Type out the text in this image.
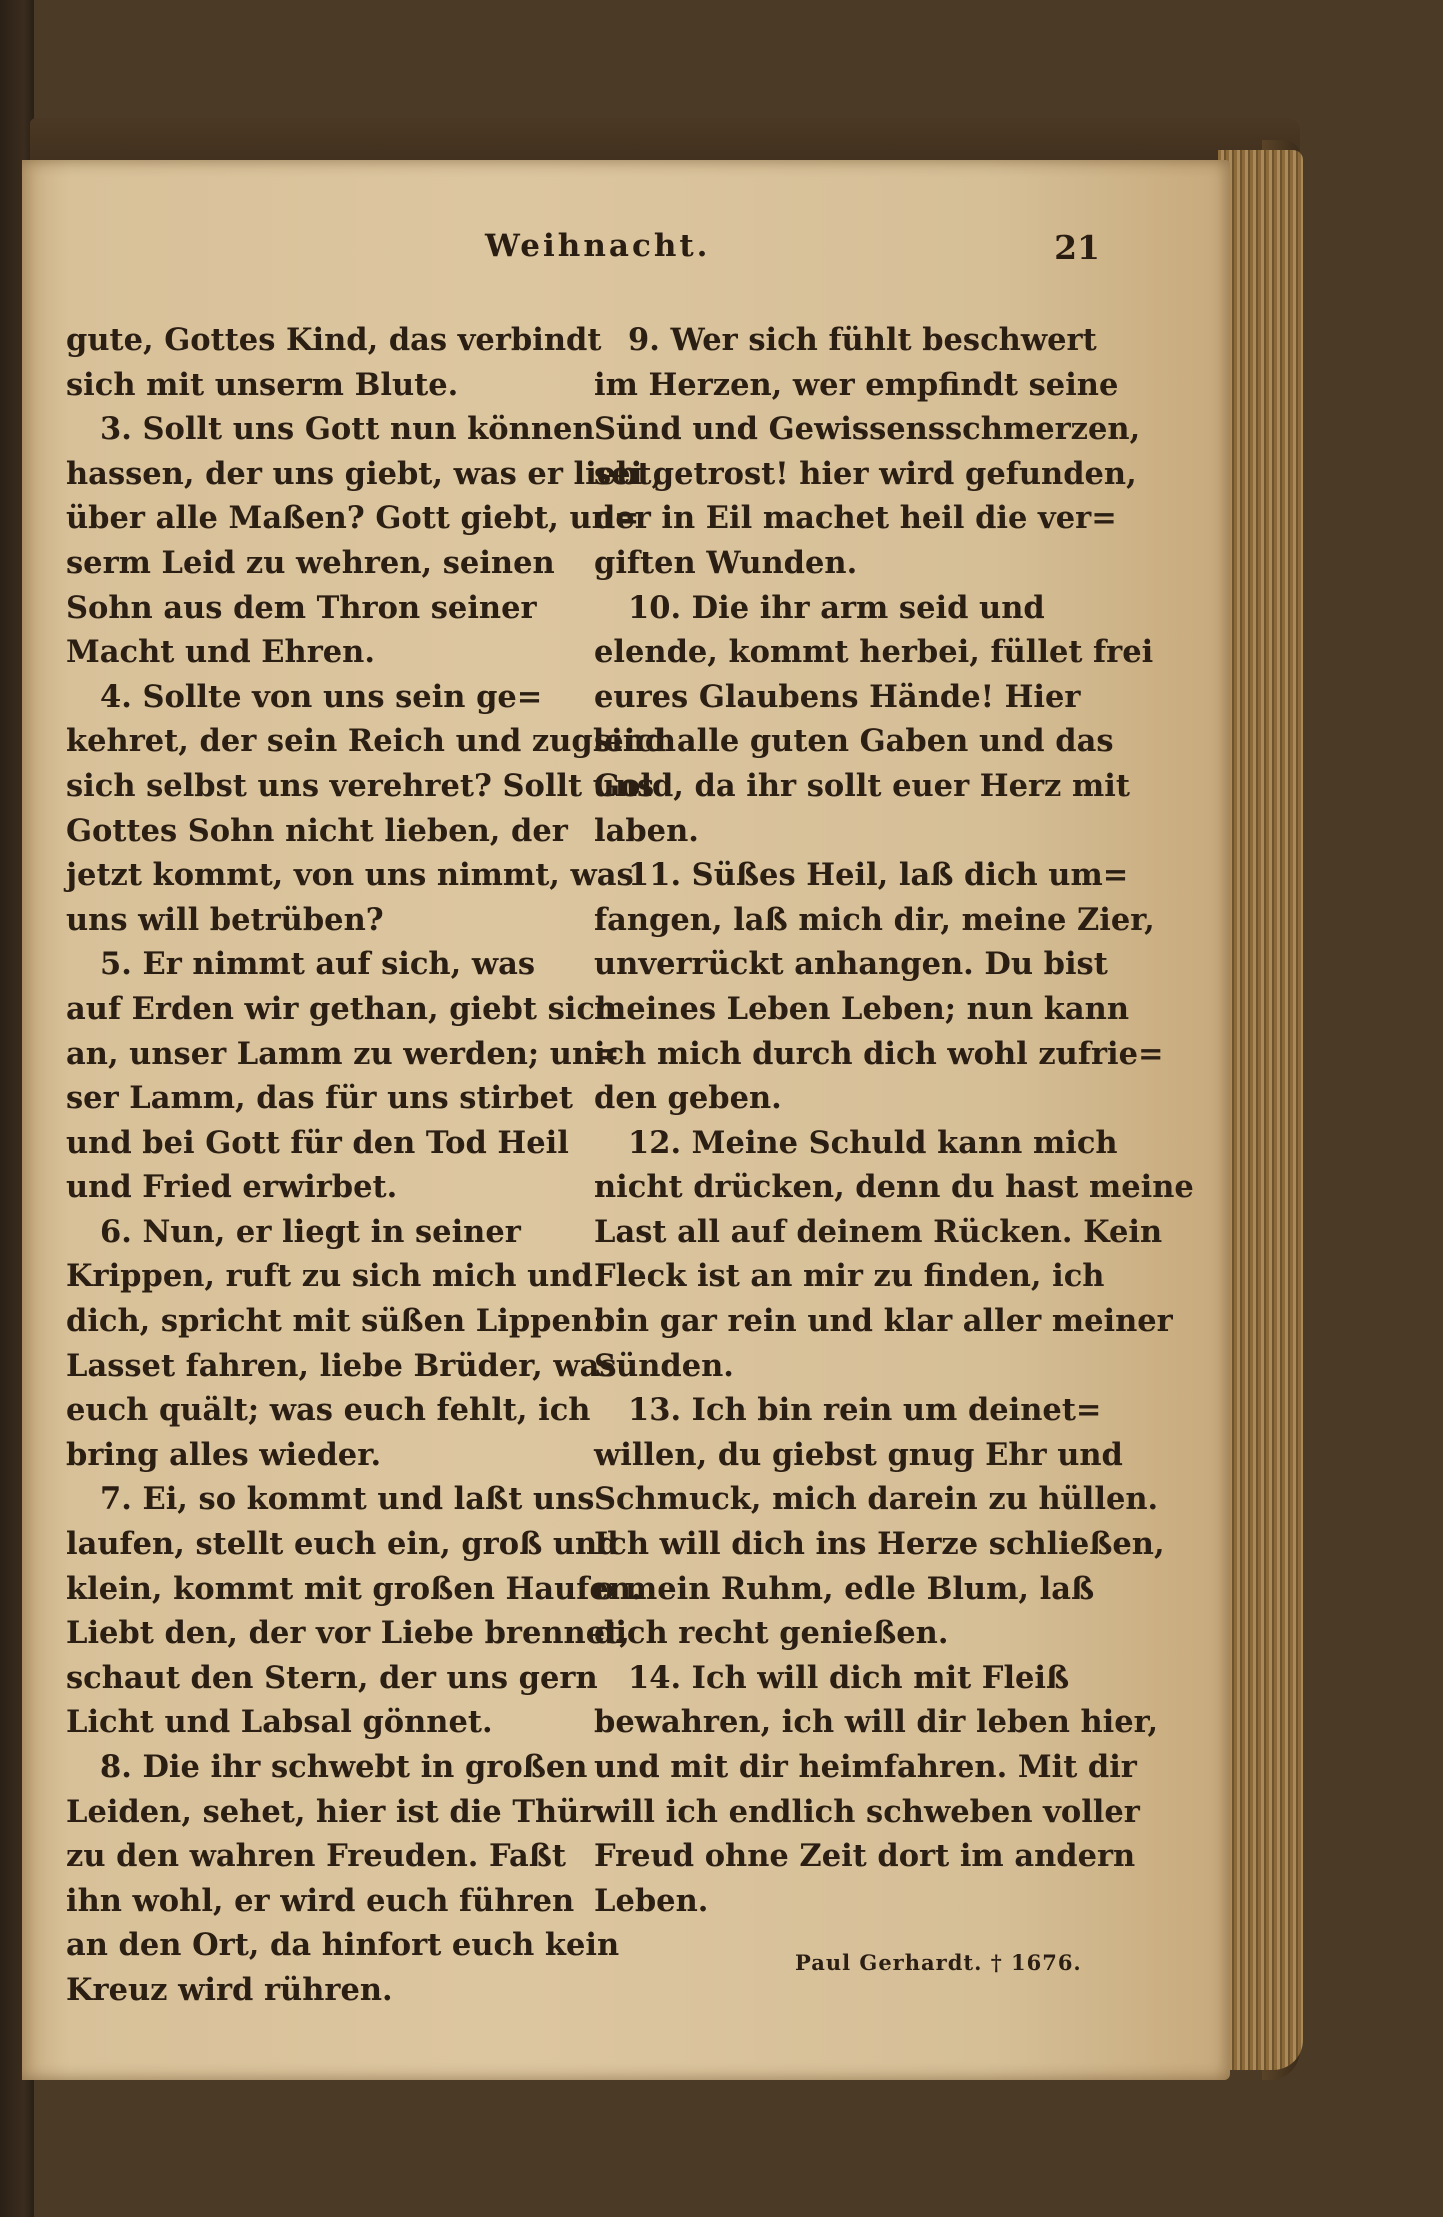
Weihnacht.	21
gute, Gottes Kind, das verbindt
sich mit unserm Blute.
3. Sollt uns Gott nun können
hassen, der uns giebt, was er liebt,
über alle Maßen? Gott giebt, un=
serm Leid zu wehren, seinen
Sohn aus dem Thron seiner
Macht und Ehren.
4. Sollte von uns sein ge=
kehret, der sein Reich und zugleich
sich selbst uns verehret? Sollt uns
Gottes Sohn nicht lieben, der
jetzt kommt, von uns nimmt, was
uns will betrüben?
5. Er nimmt auf sich, was
auf Erden wir gethan, giebt sich
an, unser Lamm zu werden; un=
ser Lamm, das für uns stirbet
und bei Gott für den Tod Heil
und Fried erwirbet.
6. Nun, er liegt in seiner
Krippen, ruft zu sich mich und
dich, spricht mit süßen Lippen:
Lasset fahren, liebe Brüder, was
euch quält; was euch fehlt, ich
bring alles wieder.
7. Ei, so kommt und laßt uns
laufen, stellt euch ein, groß und
klein, kommt mit großen Haufen.
Liebt den, der vor Liebe brennet,
schaut den Stern, der uns gern
Licht und Labsal gönnet.
8. Die ihr schwebt in großen
Leiden, sehet, hier ist die Thür
zu den wahren Freuden. Faßt
ihn wohl, er wird euch führen
an den Ort, da hinfort euch kein
Kreuz wird rühren.
9. Wer sich fühlt beschwert
im Herzen, wer empfindt seine
Sünd und Gewissensschmerzen,
sei getrost! hier wird gefunden,
der in Eil machet heil die ver=
giften Wunden.
10. Die ihr arm seid und
elende, kommt herbei, füllet frei
eures Glaubens Hände! Hier
sind alle guten Gaben und das
Gold, da ihr sollt euer Herz mit
laben.
11. Süßes Heil, laß dich um=
fangen, laß mich dir, meine Zier,
unverrückt anhangen. Du bist
meines Leben Leben; nun kann
ich mich durch dich wohl zufrie=
den geben.
12. Meine Schuld kann mich
nicht drücken, denn du hast meine
Last all auf deinem Rücken. Kein
Fleck ist an mir zu finden, ich
bin gar rein und klar aller meiner
Sünden.
13. Ich bin rein um deinet=
willen, du giebst gnug Ehr und
Schmuck, mich darein zu hüllen.
Ich will dich ins Herze schließen,
o mein Ruhm, edle Blum, laß
dich recht genießen.
14. Ich will dich mit Fleiß
bewahren, ich will dir leben hier,
und mit dir heimfahren. Mit dir
will ich endlich schweben voller
Freud ohne Zeit dort im andern
Leben.
Paul Gerhardt. † 1676.
